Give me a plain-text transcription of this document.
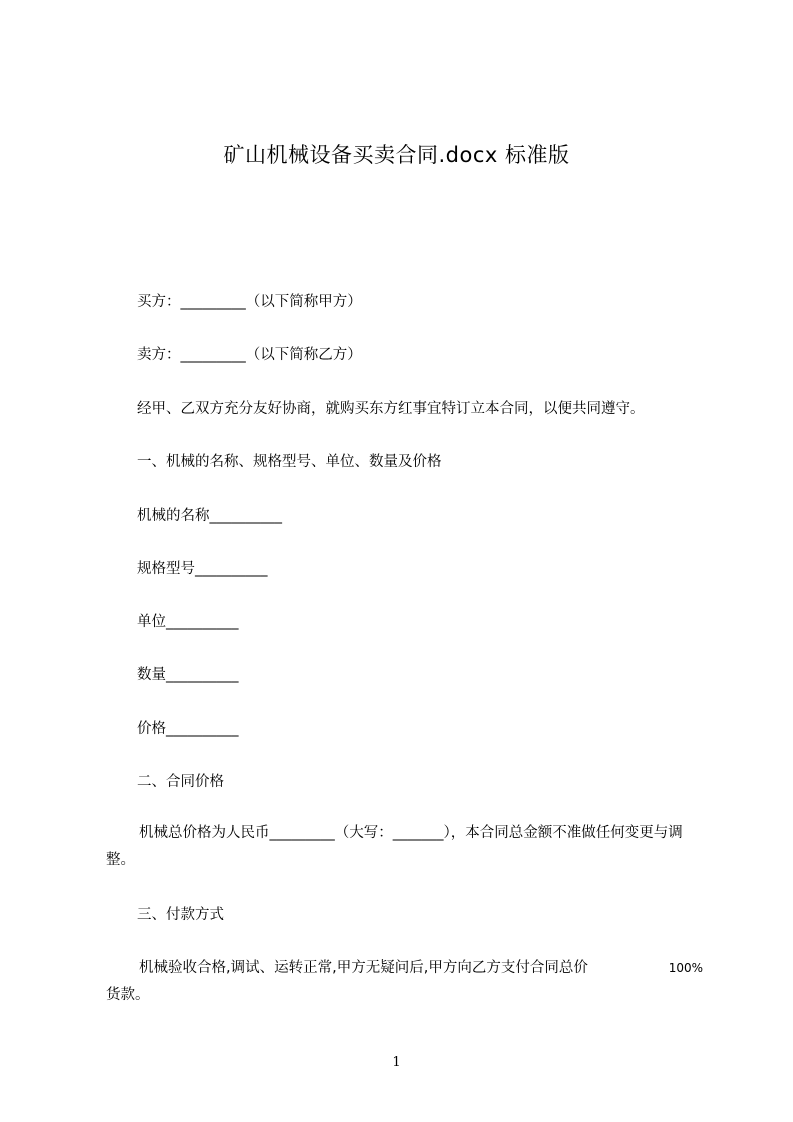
矿山机械设备买卖合同.docx 标准版
买方：_________（以下简称甲方）
卖方：_________（以下简称乙方）
经甲、乙双方充分友好协商，就购买东方红事宜特订立本合同，以便共同遵守。
一、机械的名称、规格型号、单位、数量及价格
机械的名称__________
规格型号__________
单位__________
数量__________
价格__________
二、合同价格
机械总价格为人民币_________（大写：_______），本合同总金额不准做任何变更与调整。
三、付款方式
机械验收合格,调试、运转正常,甲方无疑问后,甲方向乙方支付合同总价	100%
货款。
1
